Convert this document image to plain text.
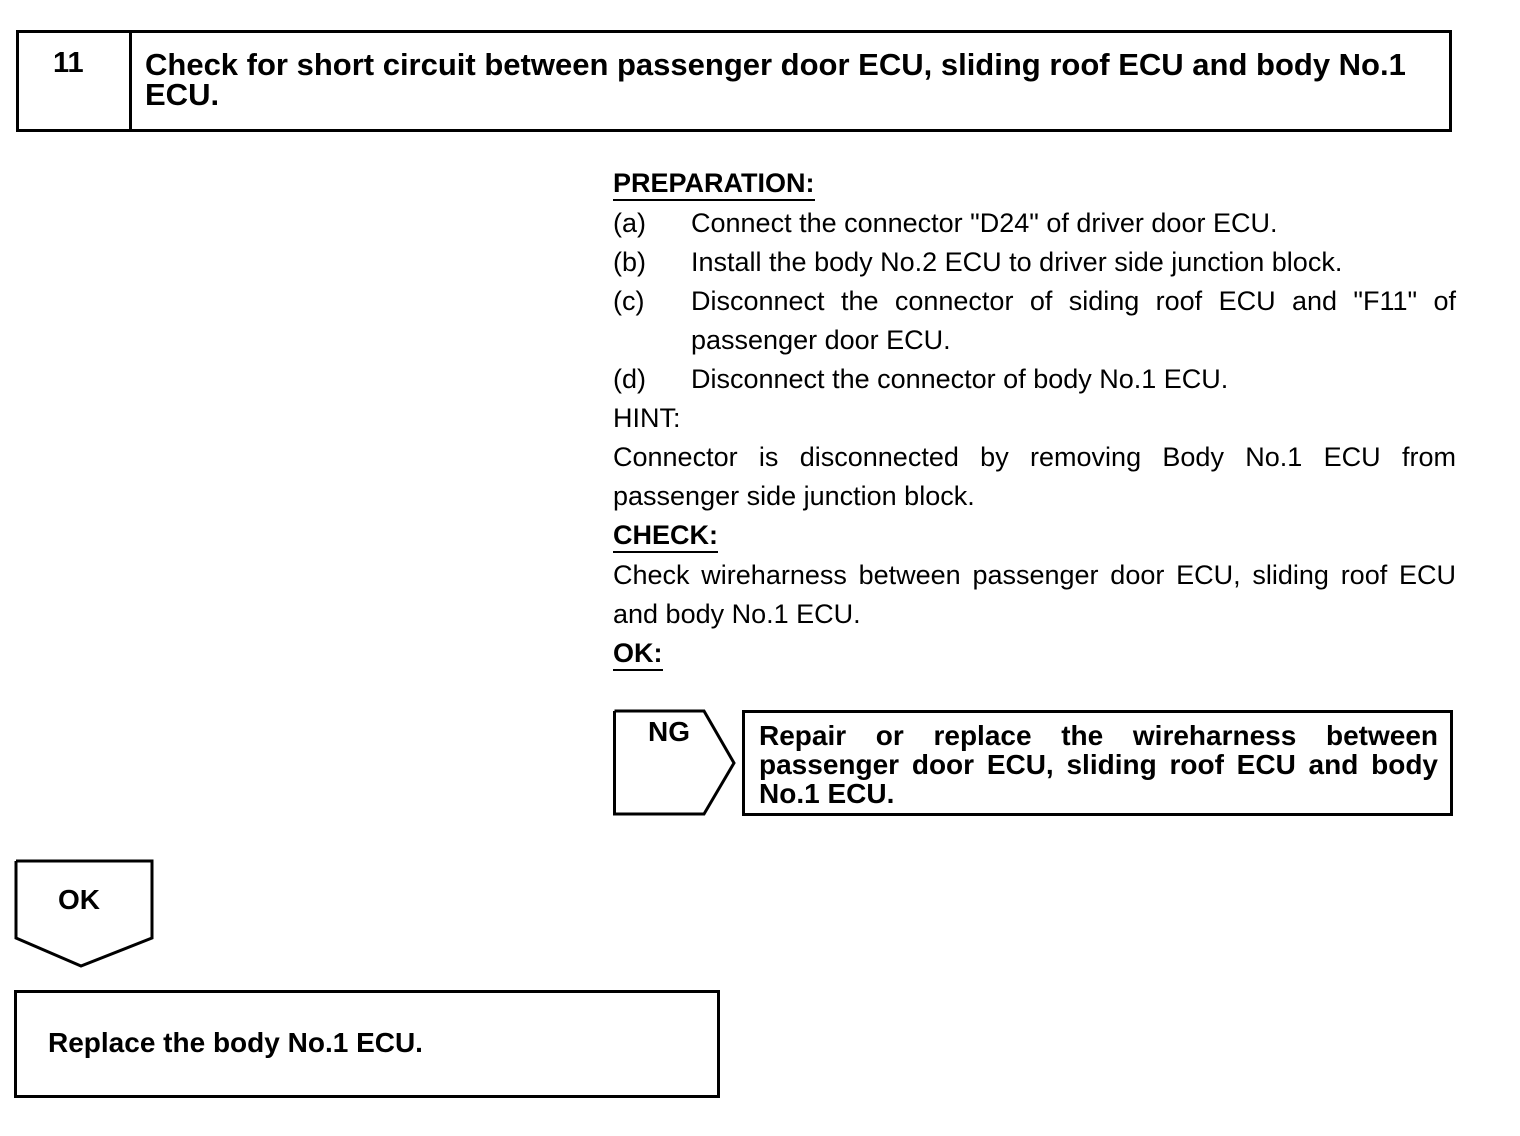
11	Check for short circuit between passenger door ECU, sliding roof ECU and body No.1 ECU.
PREPARATION:
(a)	Connect the connector "D24" of driver door ECU.
(b)	Install the body No.2 ECU to driver side junction block.
(c)	Disconnect the connector of siding roof ECU and "F11" of passenger door ECU.
(d)	Disconnect the connector of body No.1 ECU.
HINT:
Connector is disconnected by removing Body No.1 ECU from passenger side junction block.
CHECK:
Check wireharness between passenger door ECU, sliding roof ECU and body No.1 ECU.
OK:
NG	Repair or replace the wireharness between passenger door ECU, sliding roof ECU and body No.1 ECU.
OK
Replace the body No.1 ECU.
